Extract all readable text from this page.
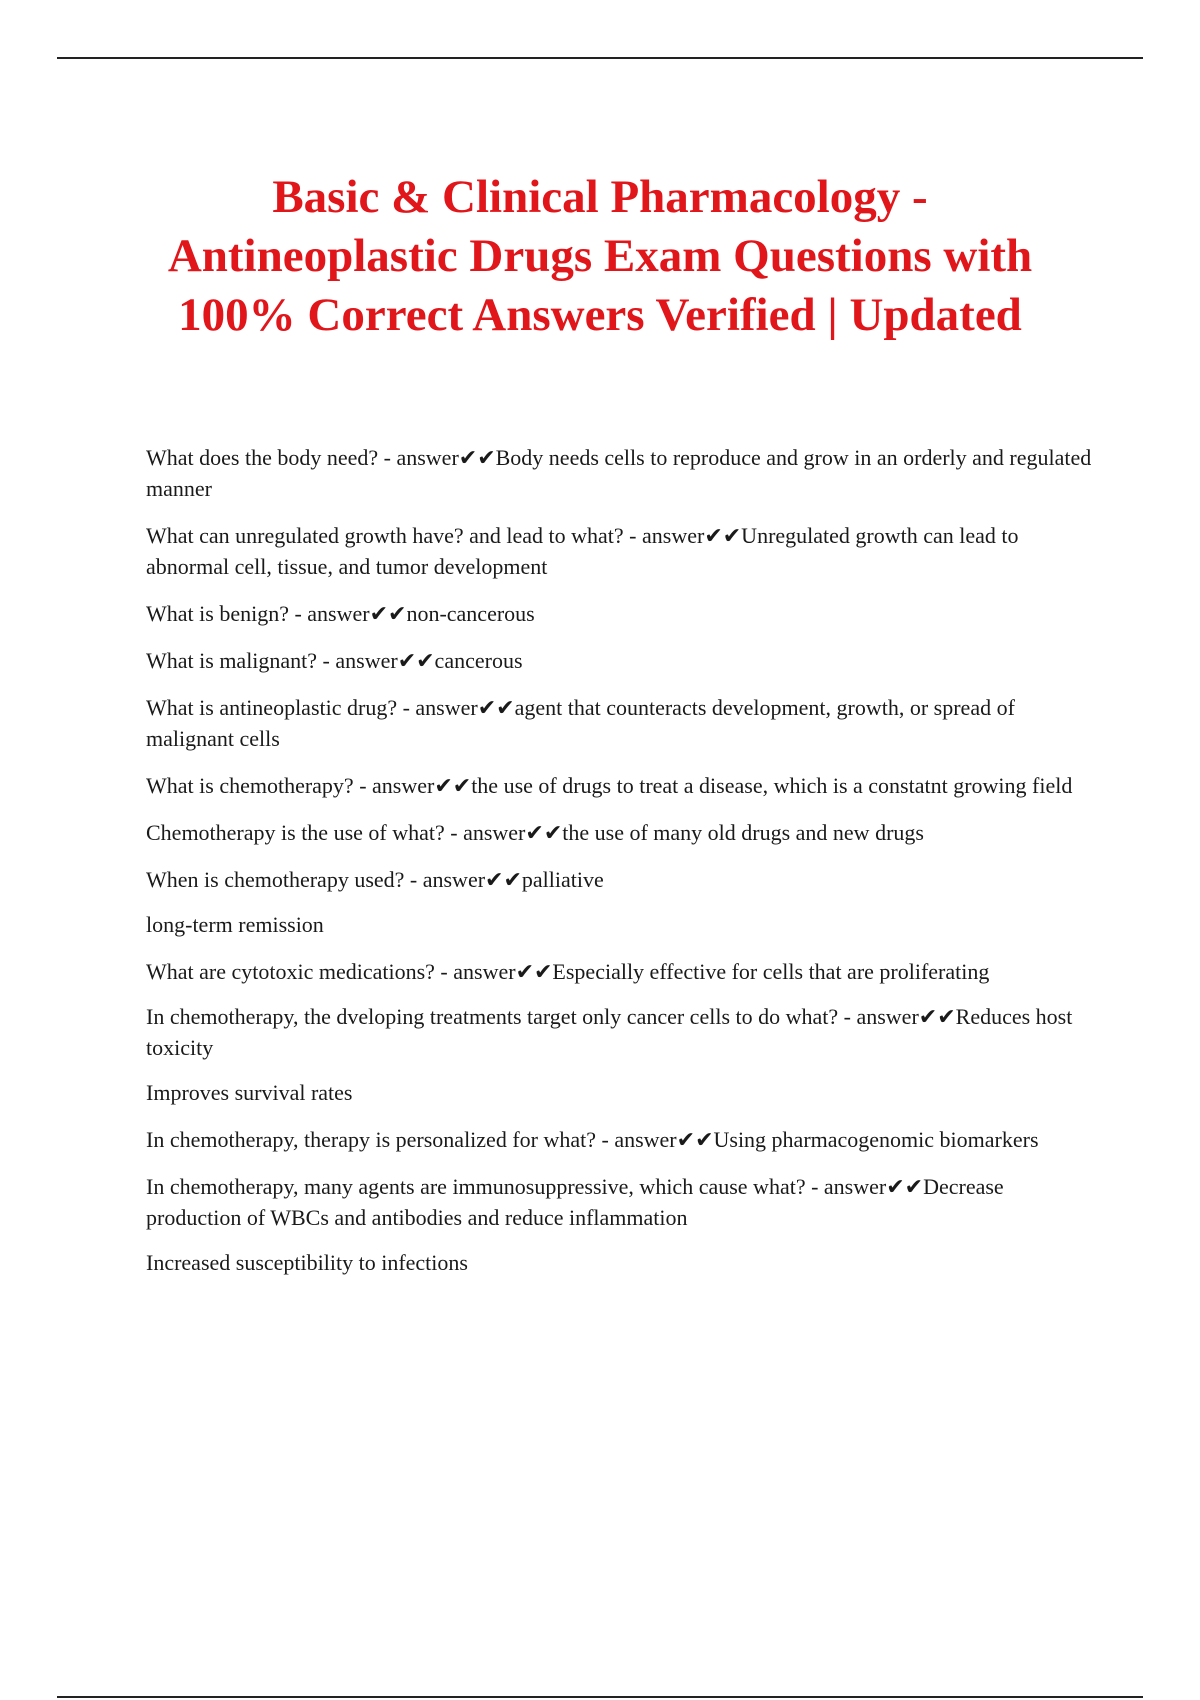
Basic & Clinical Pharmacology -
Antineoplastic Drugs Exam Questions with
100% Correct Answers Verified | Updated

What does the body need? - answer✔✔Body needs cells to reproduce and grow in an orderly and regulated manner

What can unregulated growth have? and lead to what? - answer✔✔Unregulated growth can lead to abnormal cell, tissue, and tumor development

What is benign? - answer✔✔non-cancerous

What is malignant? - answer✔✔cancerous

What is antineoplastic drug? - answer✔✔agent that counteracts development, growth, or spread of malignant cells

What is chemotherapy? - answer✔✔the use of drugs to treat a disease, which is a constatnt growing field

Chemotherapy is the use of what? - answer✔✔the use of many old drugs and new drugs

When is chemotherapy used? - answer✔✔palliative

long-term remission

What are cytotoxic medications? - answer✔✔Especially effective for cells that are proliferating

In chemotherapy, the dveloping treatments target only cancer cells to do what? - answer✔✔Reduces host toxicity

Improves survival rates

In chemotherapy, therapy is personalized for what? - answer✔✔Using pharmacogenomic biomarkers

In chemotherapy, many agents are immunosuppressive, which cause what? - answer✔✔Decrease production of WBCs and antibodies and reduce inflammation

Increased susceptibility to infections
